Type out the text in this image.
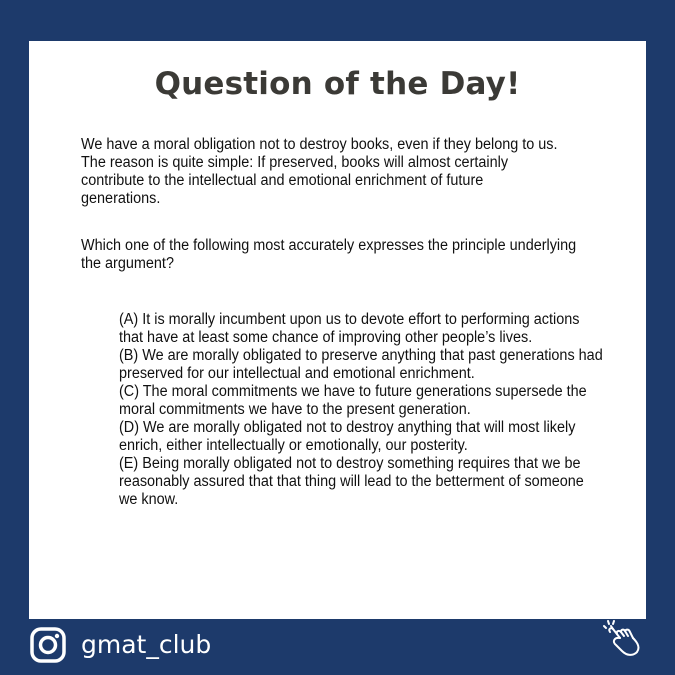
Question of the Day!

We have a moral obligation not to destroy books, even if they belong to us. The reason is quite simple: If preserved, books will almost certainly contribute to the intellectual and emotional enrichment of future generations.

Which one of the following most accurately expresses the principle underlying the argument?

(A) It is morally incumbent upon us to devote effort to performing actions that have at least some chance of improving other people’s lives.
(B) We are morally obligated to preserve anything that past generations had preserved for our intellectual and emotional enrichment.
(C) The moral commitments we have to future generations supersede the moral commitments we have to the present generation.
(D) We are morally obligated not to destroy anything that will most likely enrich, either intellectually or emotionally, our posterity.
(E) Being morally obligated not to destroy something requires that we be reasonably assured that that thing will lead to the betterment of someone we know.
gmat_club
